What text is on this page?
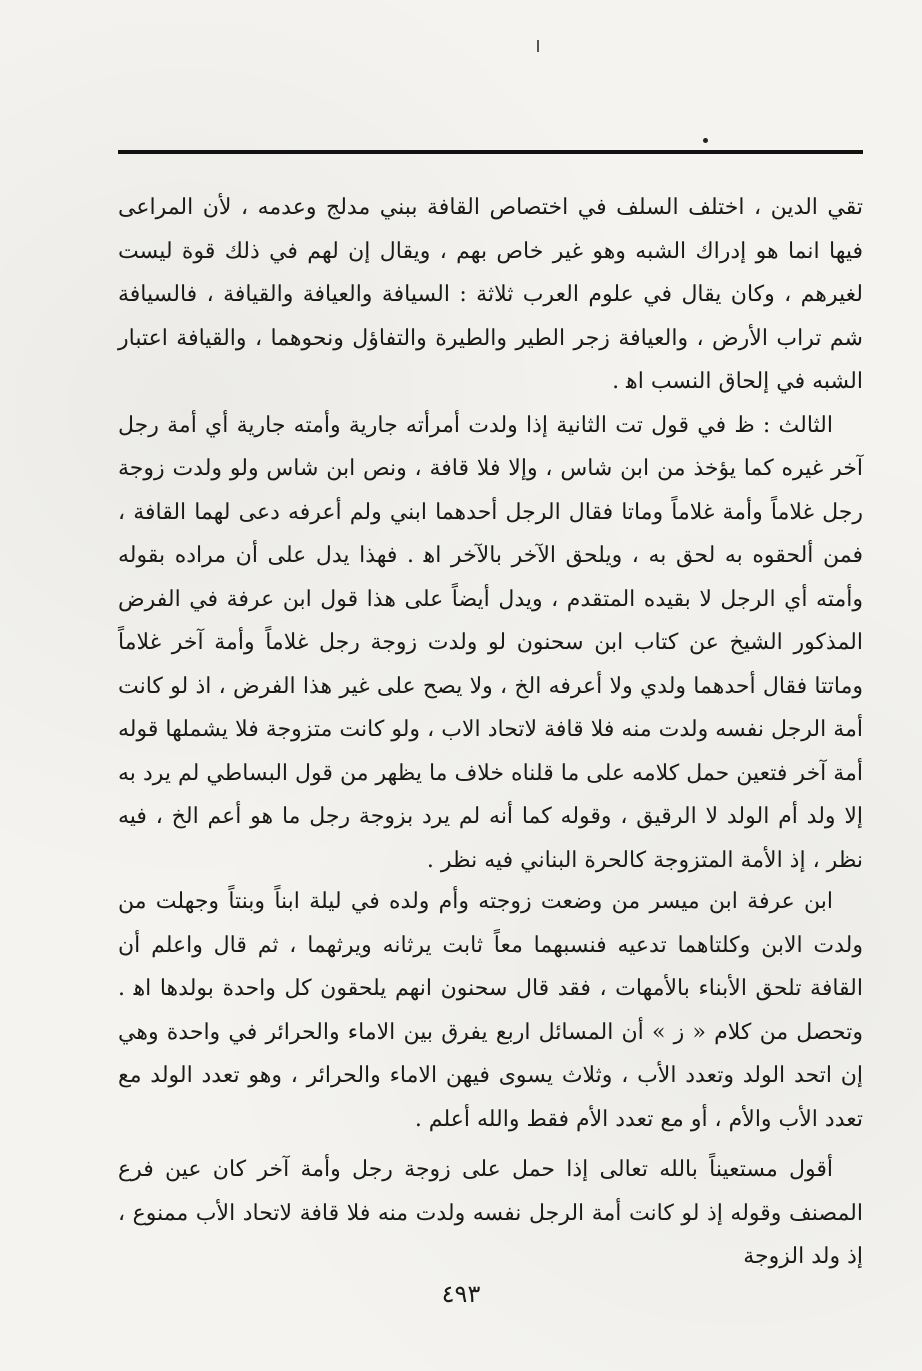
تقي الدين ، اختلف السلف في اختصاص القافة ببني مدلج وعدمه ، لأن المراعى فيها انما هو إدراك الشبه وهو غير خاص بهم ، ويقال إن لهم في ذلك قوة ليست لغيرهم ، وكان يقال في علوم العرب ثلاثة : السيافة والعيافة والقيافة ، فالسيافة شم تراب الأرض ، والعيافة زجر الطير والطيرة والتفاؤل ونحوهما ، والقيافة اعتبار الشبه في إلحاق النسب اﻫ .

الثالث : ظ في قول تت الثانية إذا ولدت أمرأته جارية وأمته جارية أي أمة رجل آخر غيره كما يؤخذ من ابن شاس ، وإلا فلا قافة ، ونص ابن شاس ولو ولدت زوجة رجل غلاماً وأمة غلاماً وماتا فقال الرجل أحدهما ابني ولم أعرفه دعى لهما القافة ، فمن ألحقوه به لحق به ، ويلحق الآخر بالآخر اﻫ . فهذا يدل على أن مراده بقوله وأمته أي الرجل لا بقيده المتقدم ، ويدل أيضاً على هذا قول ابن عرفة في الفرض المذكور الشيخ عن كتاب ابن سحنون لو ولدت زوجة رجل غلاماً وأمة آخر غلاماً وماتتا فقال أحدهما ولدي ولا أعرفه الخ ، ولا يصح على غير هذا الفرض ، اذ لو كانت أمة الرجل نفسه ولدت منه فلا قافة لاتحاد الاب ، ولو كانت متزوجة فلا يشملها قوله أمة آخر فتعين حمل كلامه على ما قلناه خلاف ما يظهر من قول البساطي لم يرد به إلا ولد أم الولد لا الرقيق ، وقوله كما أنه لم يرد بزوجة رجل ما هو أعم الخ ، فيه نظر ، إذ الأمة المتزوجة كالحرة البناني فيه نظر .

ابن عرفة ابن ميسر من وضعت زوجته وأم ولده في ليلة ابناً وبنتاً وجهلت من ولدت الابن وكلتاهما تدعيه فنسبهما معاً ثابت يرثانه ويرثهما ، ثم قال واعلم أن القافة تلحق الأبناء بالأمهات ، فقد قال سحنون انهم يلحقون كل واحدة بولدها اﻫ . وتحصل من كلام « ز » أن المسائل اربع يفرق بين الاماء والحرائر في واحدة وهي إن اتحد الولد وتعدد الأب ، وثلاث يسوى فيهن الاماء والحرائر ، وهو تعدد الولد مع تعدد الأب والأم ، أو مع تعدد الأم فقط والله أعلم .

أقول مستعيناً بالله تعالى إذا حمل على زوجة رجل وأمة آخر كان عين فرع المصنف وقوله إذ لو كانت أمة الرجل نفسه ولدت منه فلا قافة لاتحاد الأب ممنوع ، إذ ولد الزوجة

٤٩٣
